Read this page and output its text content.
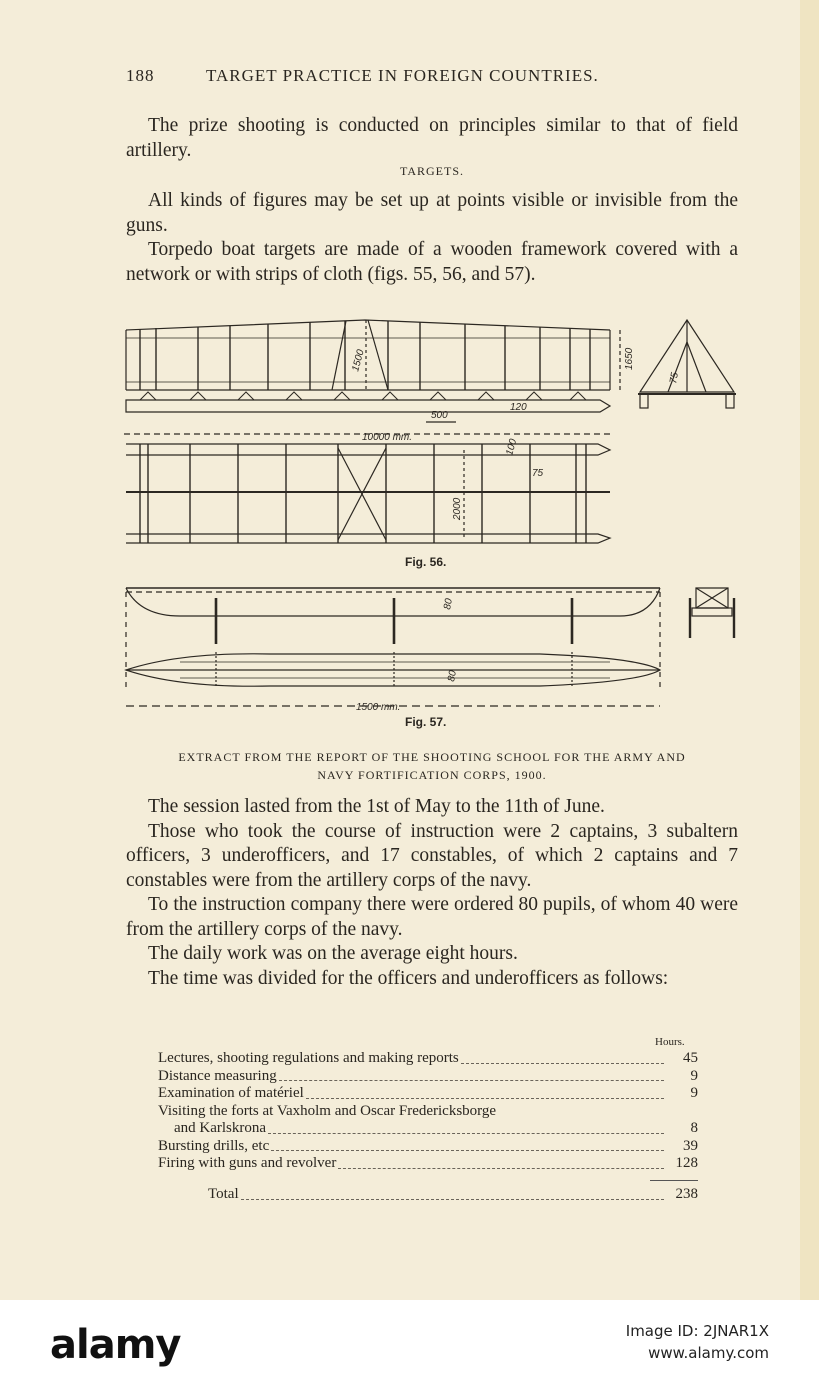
188	TARGET PRACTICE IN FOREIGN COUNTRIES.

The prize shooting is conducted on principles similar to that of field artillery.

TARGETS.

All kinds of figures may be set up at points visible or invisible from the guns.

Torpedo boat targets are made of a wooden framework covered with a network or with strips of cloth (figs. 55, 56, and 57).

1500	1650
500
120
10000 mm.
100
75
2000
75
Fig. 56.
80
80
1500 mm.
Fig. 57.
EXTRACT FROM THE REPORT OF THE SHOOTING SCHOOL FOR THE ARMY AND
NAVY FORTIFICATION CORPS, 1900.

The session lasted from the 1st of May to the 11th of June.

Those who took the course of instruction were 2 captains, 3 subaltern officers, 3 underofficers, and 17 constables, of which 2 captains and 7 constables were from the artillery corps of the navy.

To the instruction company there were ordered 80 pupils, of whom 40 were from the artillery corps of the navy.

The daily work was on the average eight hours.

The time was divided for the officers and underofficers as follows:

Hours.
Lectures, shooting regulations and making reports	45
Distance measuring	9
Examination of matériel	9
Visiting the forts at Vaxholm and Oscar Fredericksborge
and Karlskrona	8
Bursting drills, etc	39
Firing with guns and revolver	128
Total	238
alamy	Image ID: 2JNAR1X
www.alamy.com
